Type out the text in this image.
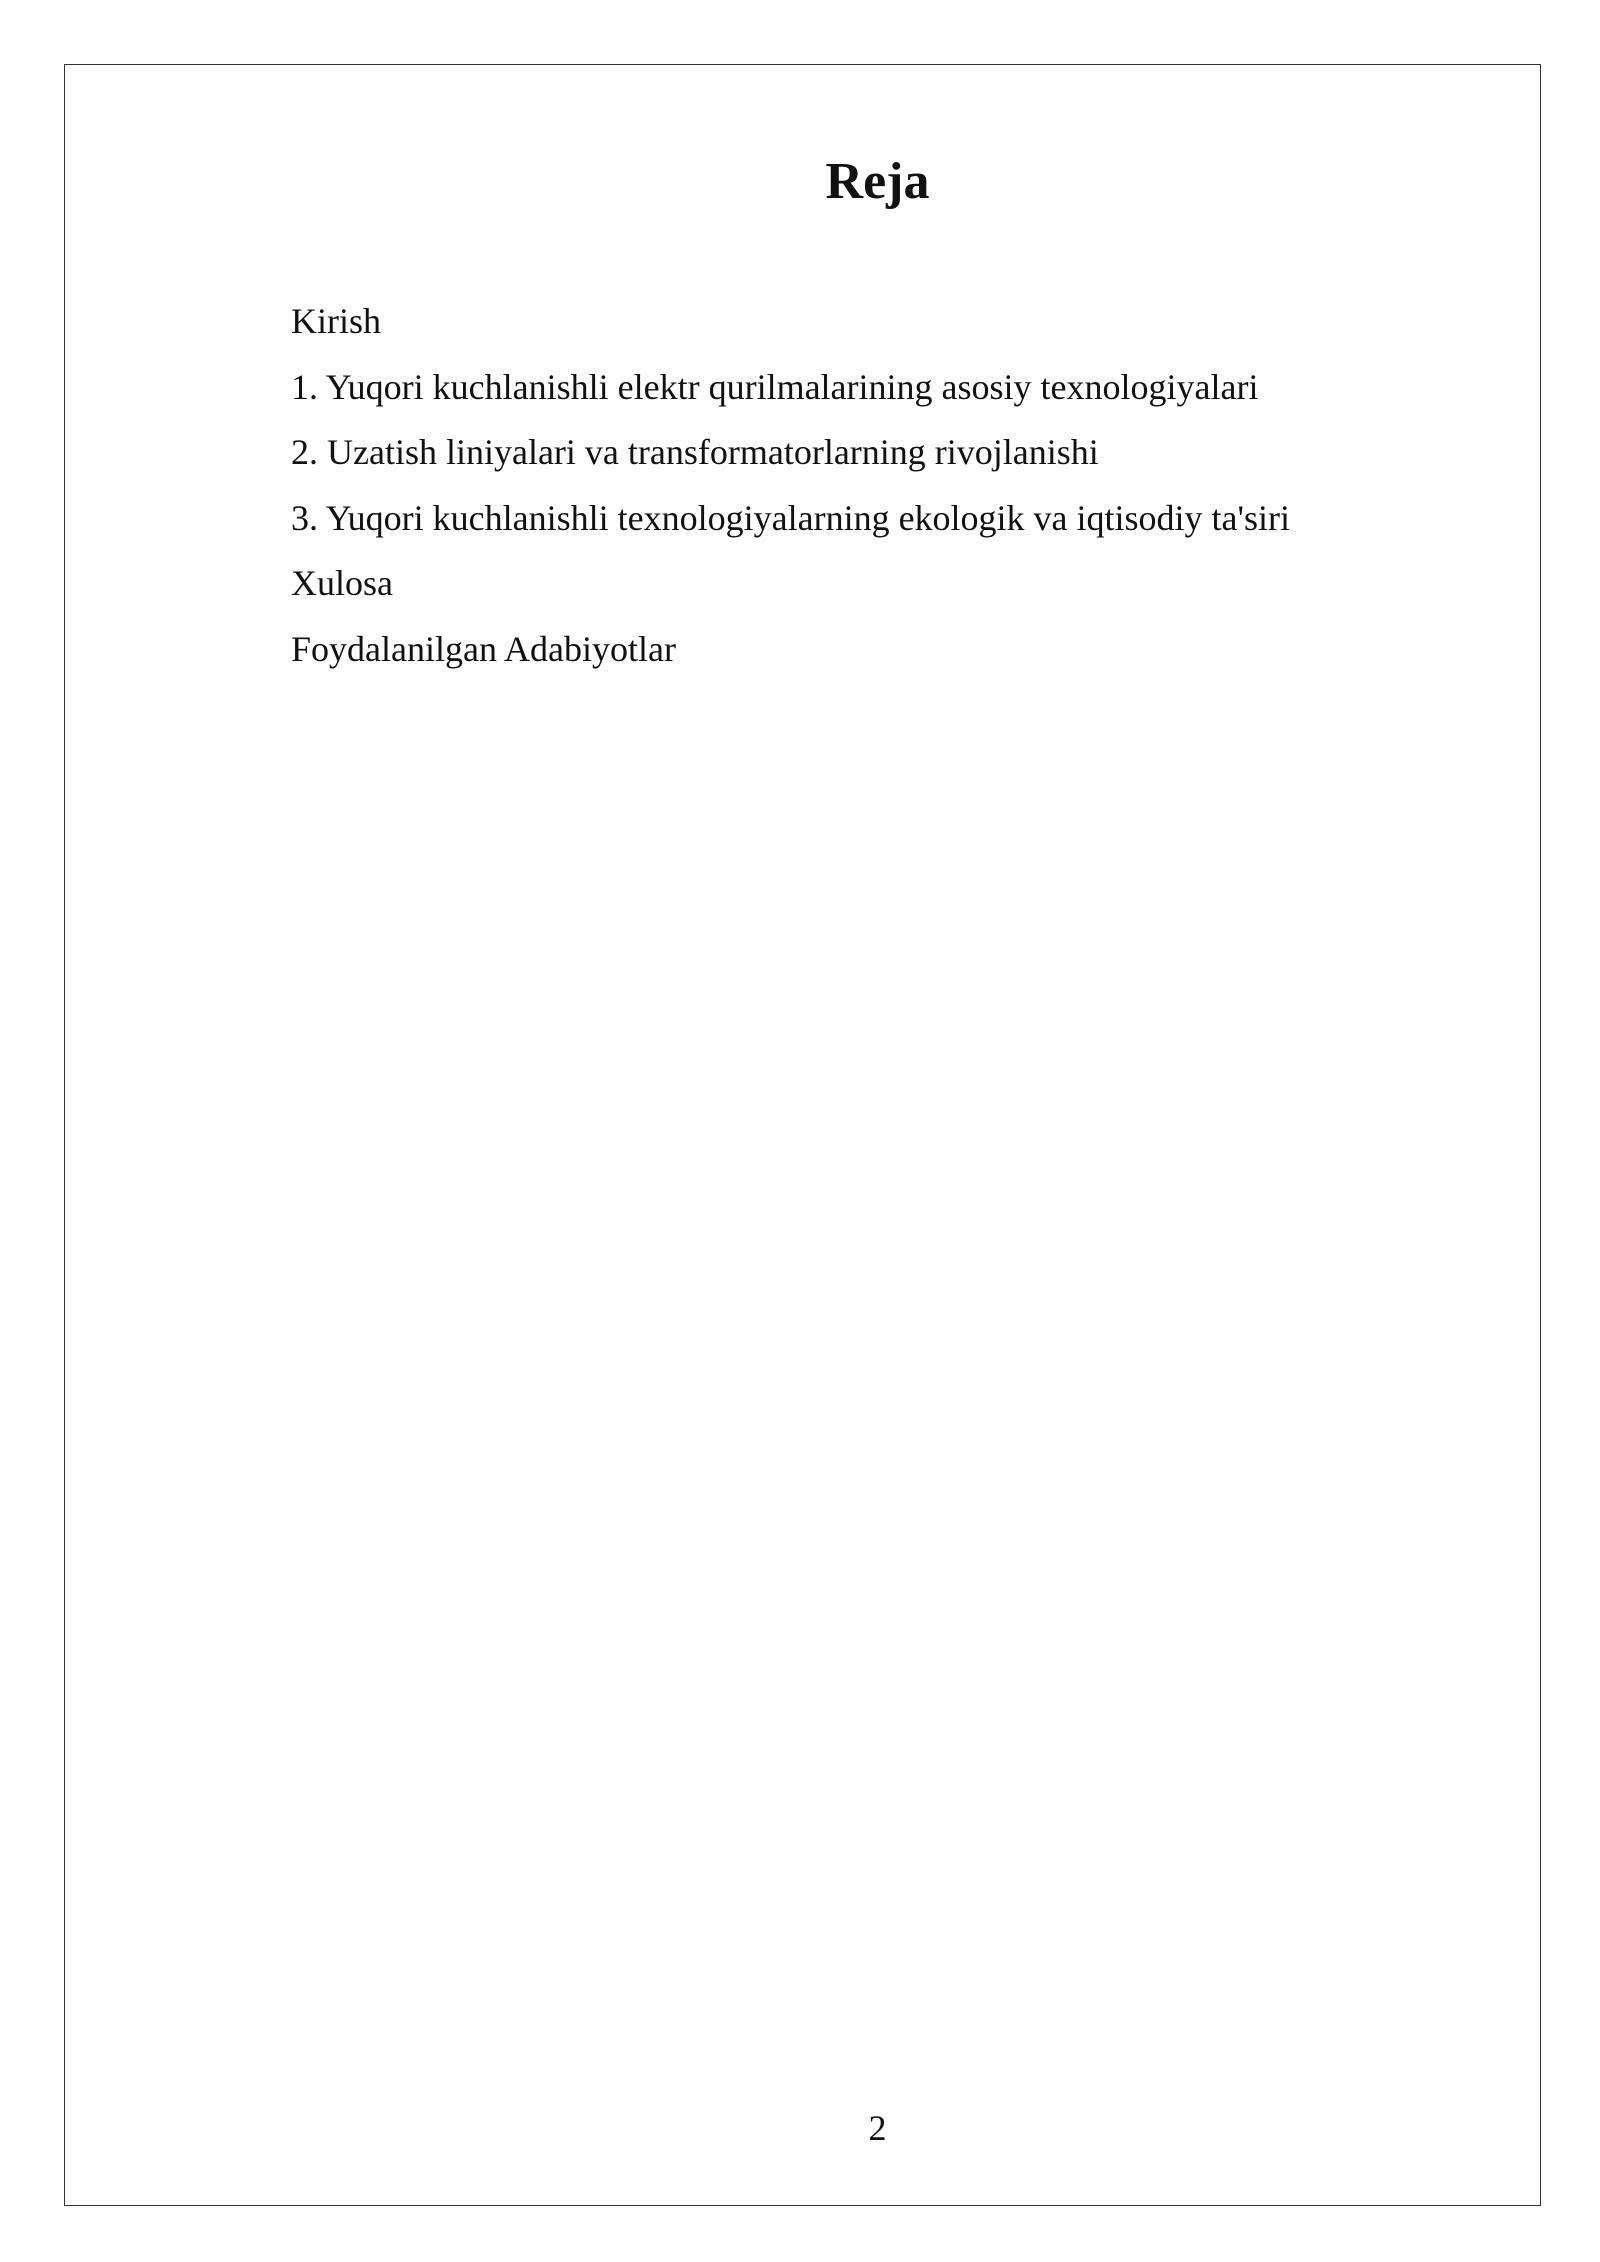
Reja
Kirish
1. Yuqori kuchlanishli elektr qurilmalarining asosiy texnologiyalari
2. Uzatish liniyalari va transformatorlarning rivojlanishi
3. Yuqori kuchlanishli texnologiyalarning ekologik va iqtisodiy ta'siri
Xulosa
Foydalanilgan Adabiyotlar
2
